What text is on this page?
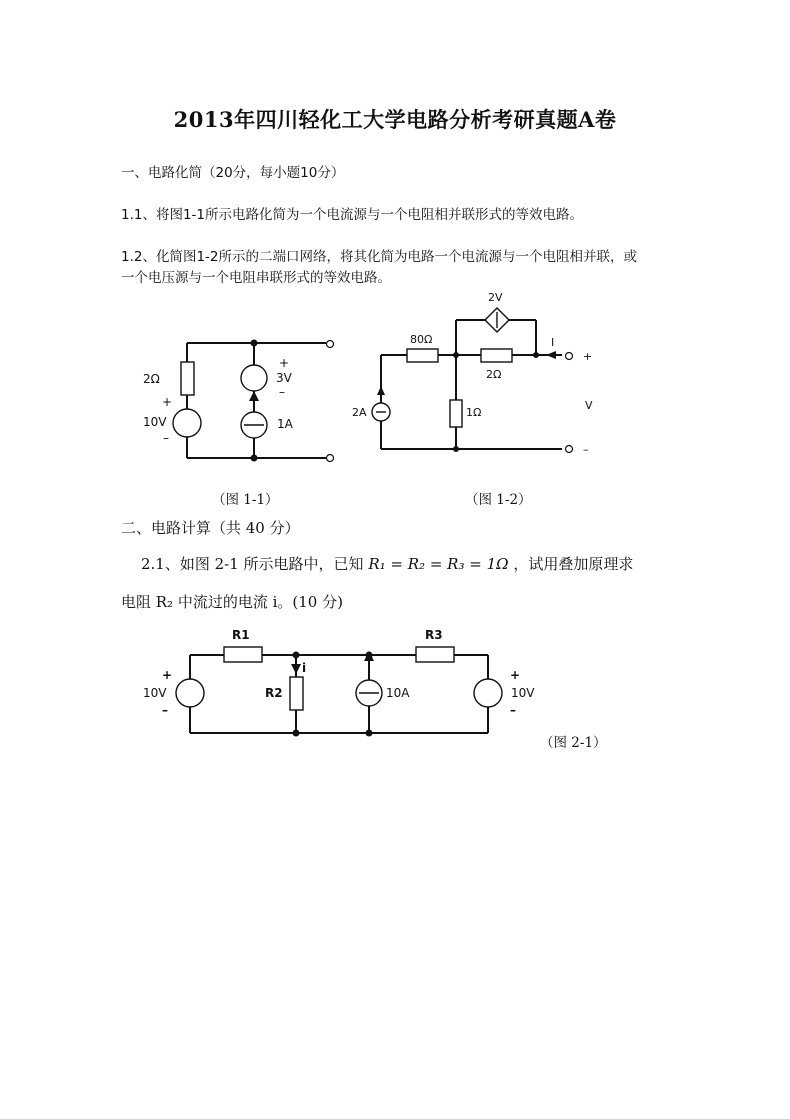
2013年四川轻化工大学电路分析考研真题A卷
一、电路化简（20分，每小题10分）
1.1、将图1-1所示电路化简为一个电流源与一个电阻相并联形式的等效电路。
1.2、化简图1-2所示的二端口网络，将其化简为电路一个电流源与一个电阻相并联，或
一个电压源与一个电阻串联形式的等效电路。
2Ω
+
10V
–
+
3V
–
1A
2V
80Ω
2Ω
1Ω
2A
I
+
V
–
R1	R3
R2
i
+
10V
–
10A
+
10V
–
（图 1-1）	（图 1-2）
二、电路计算（共 40 分）
2.1、如图 2-1 所示电路中，已知 R₁ = R₂ = R₃ = 1Ω ，试用叠加原理求
电阻 R₂ 中流过的电流 i。(10 分)
（图 2-1）
